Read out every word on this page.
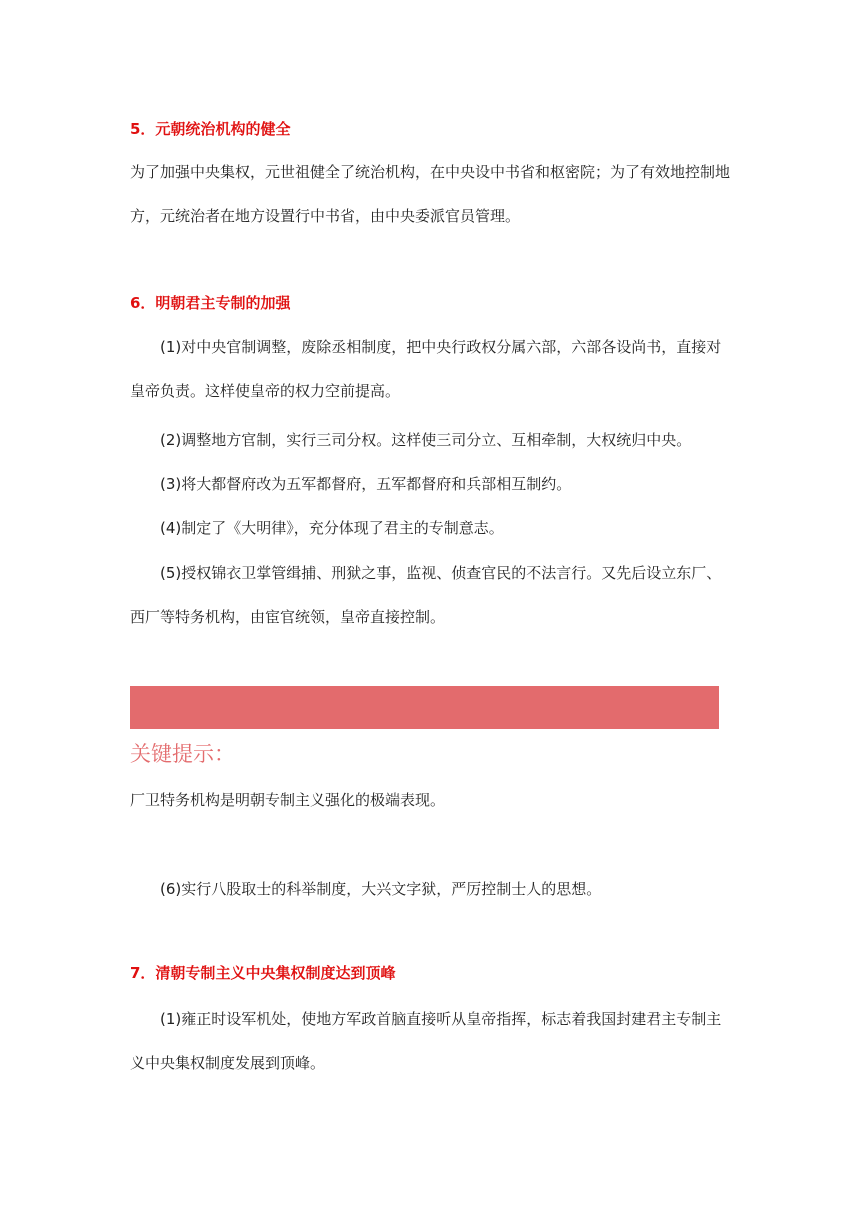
5．元朝统治机构的健全

为了加强中央集权，元世祖健全了统治机构，在中央设中书省和枢密院；为了有效地控制地方，元统治者在地方设置行中书省，由中央委派官员管理。

6．明朝君主专制的加强

(1)对中央官制调整，废除丞相制度，把中央行政权分属六部，六部各设尚书，直接对皇帝负责。这样使皇帝的权力空前提高。

(2)调整地方官制，实行三司分权。这样使三司分立、互相牵制，大权统归中央。

(3)将大都督府改为五军都督府，五军都督府和兵部相互制约。

(4)制定了《大明律》，充分体现了君主的专制意志。

(5)授权锦衣卫掌管缉捕、刑狱之事，监视、侦查官民的不法言行。又先后设立东厂、西厂等特务机构，由宦官统领，皇帝直接控制。

关键提示：

厂卫特务机构是明朝专制主义强化的极端表现。

(6)实行八股取士的科举制度，大兴文字狱，严厉控制士人的思想。

7．清朝专制主义中央集权制度达到顶峰

(1)雍正时设军机处，使地方军政首脑直接听从皇帝指挥，标志着我国封建君主专制主义中央集权制度发展到顶峰。
